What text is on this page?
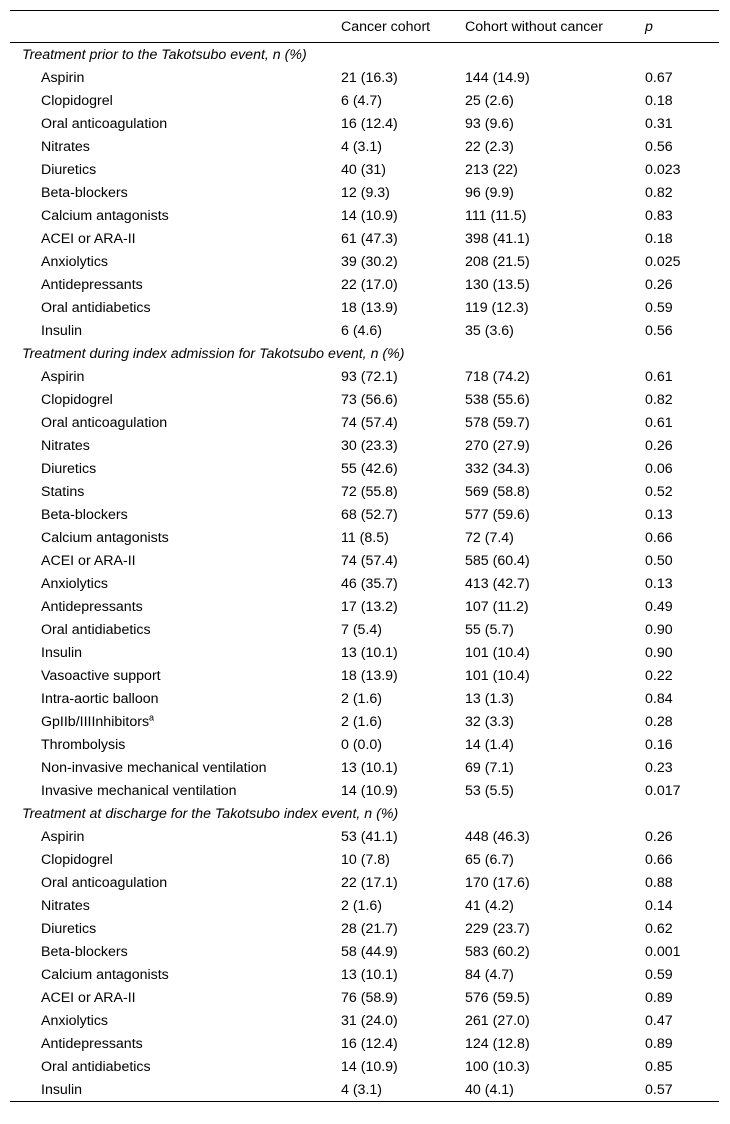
	Cancer cohort	Cohort without cancer	p
Treatment prior to the Takotsubo event, n (%)			
Aspirin	21 (16.3)	144 (14.9)	0.67
Clopidogrel	6 (4.7)	25 (2.6)	0.18
Oral anticoagulation	16 (12.4)	93 (9.6)	0.31
Nitrates	4 (3.1)	22 (2.3)	0.56
Diuretics	40 (31)	213 (22)	0.023
Beta-blockers	12 (9.3)	96 (9.9)	0.82
Calcium antagonists	14 (10.9)	111 (11.5)	0.83
ACEI or ARA-II	61 (47.3)	398 (41.1)	0.18
Anxiolytics	39 (30.2)	208 (21.5)	0.025
Antidepressants	22 (17.0)	130 (13.5)	0.26
Oral antidiabetics	18 (13.9)	119 (12.3)	0.59
Insulin	6 (4.6)	35 (3.6)	0.56
Treatment during index admission for Takotsubo event, n (%)			
Aspirin	93 (72.1)	718 (74.2)	0.61
Clopidogrel	73 (56.6)	538 (55.6)	0.82
Oral anticoagulation	74 (57.4)	578 (59.7)	0.61
Nitrates	30 (23.3)	270 (27.9)	0.26
Diuretics	55 (42.6)	332 (34.3)	0.06
Statins	72 (55.8)	569 (58.8)	0.52
Beta-blockers	68 (52.7)	577 (59.6)	0.13
Calcium antagonists	11 (8.5)	72 (7.4)	0.66
ACEI or ARA-II	74 (57.4)	585 (60.4)	0.50
Anxiolytics	46 (35.7)	413 (42.7)	0.13
Antidepressants	17 (13.2)	107 (11.2)	0.49
Oral antidiabetics	7 (5.4)	55 (5.7)	0.90
Insulin	13 (10.1)	101 (10.4)	0.90
Vasoactive support	18 (13.9)	101 (10.4)	0.22
Intra-aortic balloon	2 (1.6)	13 (1.3)	0.84
GpIIb/IIIInhibitors$^a$	2 (1.6)	32 (3.3)	0.28
Thrombolysis	0 (0.0)	14 (1.4)	0.16
Non-invasive mechanical ventilation	13 (10.1)	69 (7.1)	0.23
Invasive mechanical ventilation	14 (10.9)	53 (5.5)	0.017
Treatment at discharge for the Takotsubo index event, n (%)			
Aspirin	53 (41.1)	448 (46.3)	0.26
Clopidogrel	10 (7.8)	65 (6.7)	0.66
Oral anticoagulation	22 (17.1)	170 (17.6)	0.88
Nitrates	2 (1.6)	41 (4.2)	0.14
Diuretics	28 (21.7)	229 (23.7)	0.62
Beta-blockers	58 (44.9)	583 (60.2)	0.001
Calcium antagonists	13 (10.1)	84 (4.7)	0.59
ACEI or ARA-II	76 (58.9)	576 (59.5)	0.89
Anxiolytics	31 (24.0)	261 (27.0)	0.47
Antidepressants	16 (12.4)	124 (12.8)	0.89
Oral antidiabetics	14 (10.9)	100 (10.3)	0.85
Insulin	4 (3.1)	40 (4.1)	0.57
